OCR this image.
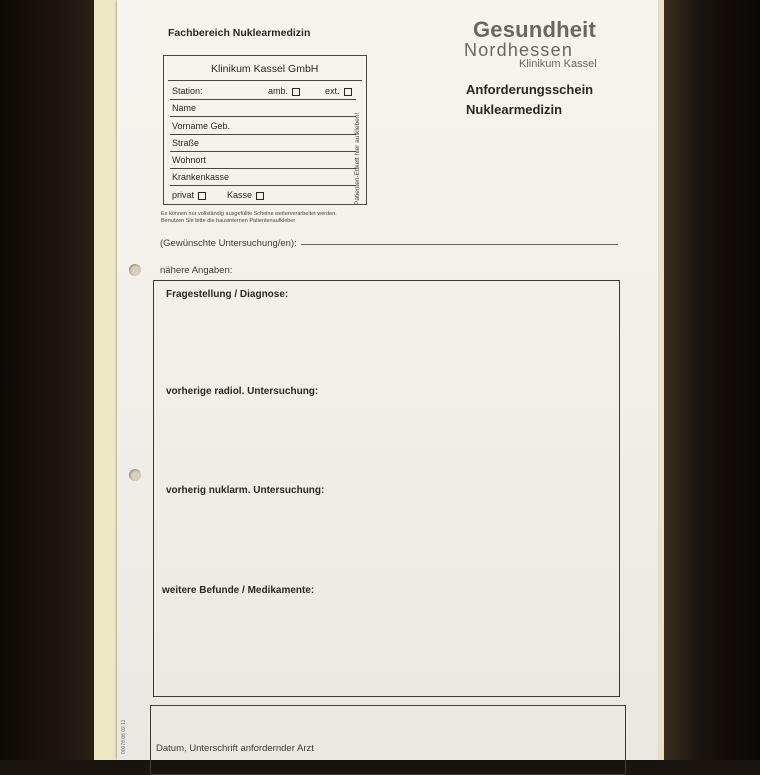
Fachbereich Nuklearmedizin	Gesundheit
Nordhessen
Klinikum Kassel
Anforderungsschein
Nuklearmedizin
Klinikum Kassel GmbH
Station:	amb.	ext.
Name
Vorname Geb.
Straße
Wohnort
Krankenkasse
privat	Kasse	Patienten-Etikett hier aufkleben!
Es können nur vollständig ausgefüllte Scheine weiterverarbeitet werden.
Benutzen Sie bitte die hausinternen Patientenaufkleber
(Gewünschte Untersuchung/en):
nähere Angaben:
Fragestellung / Diagnose:
vorherige radiol. Untersuchung:
vorherig nuklarm. Untersuchung:
weitere Befunde / Medikamente:
Datum, Unterschrift anfordernder Arzt
00078 06 02 11
